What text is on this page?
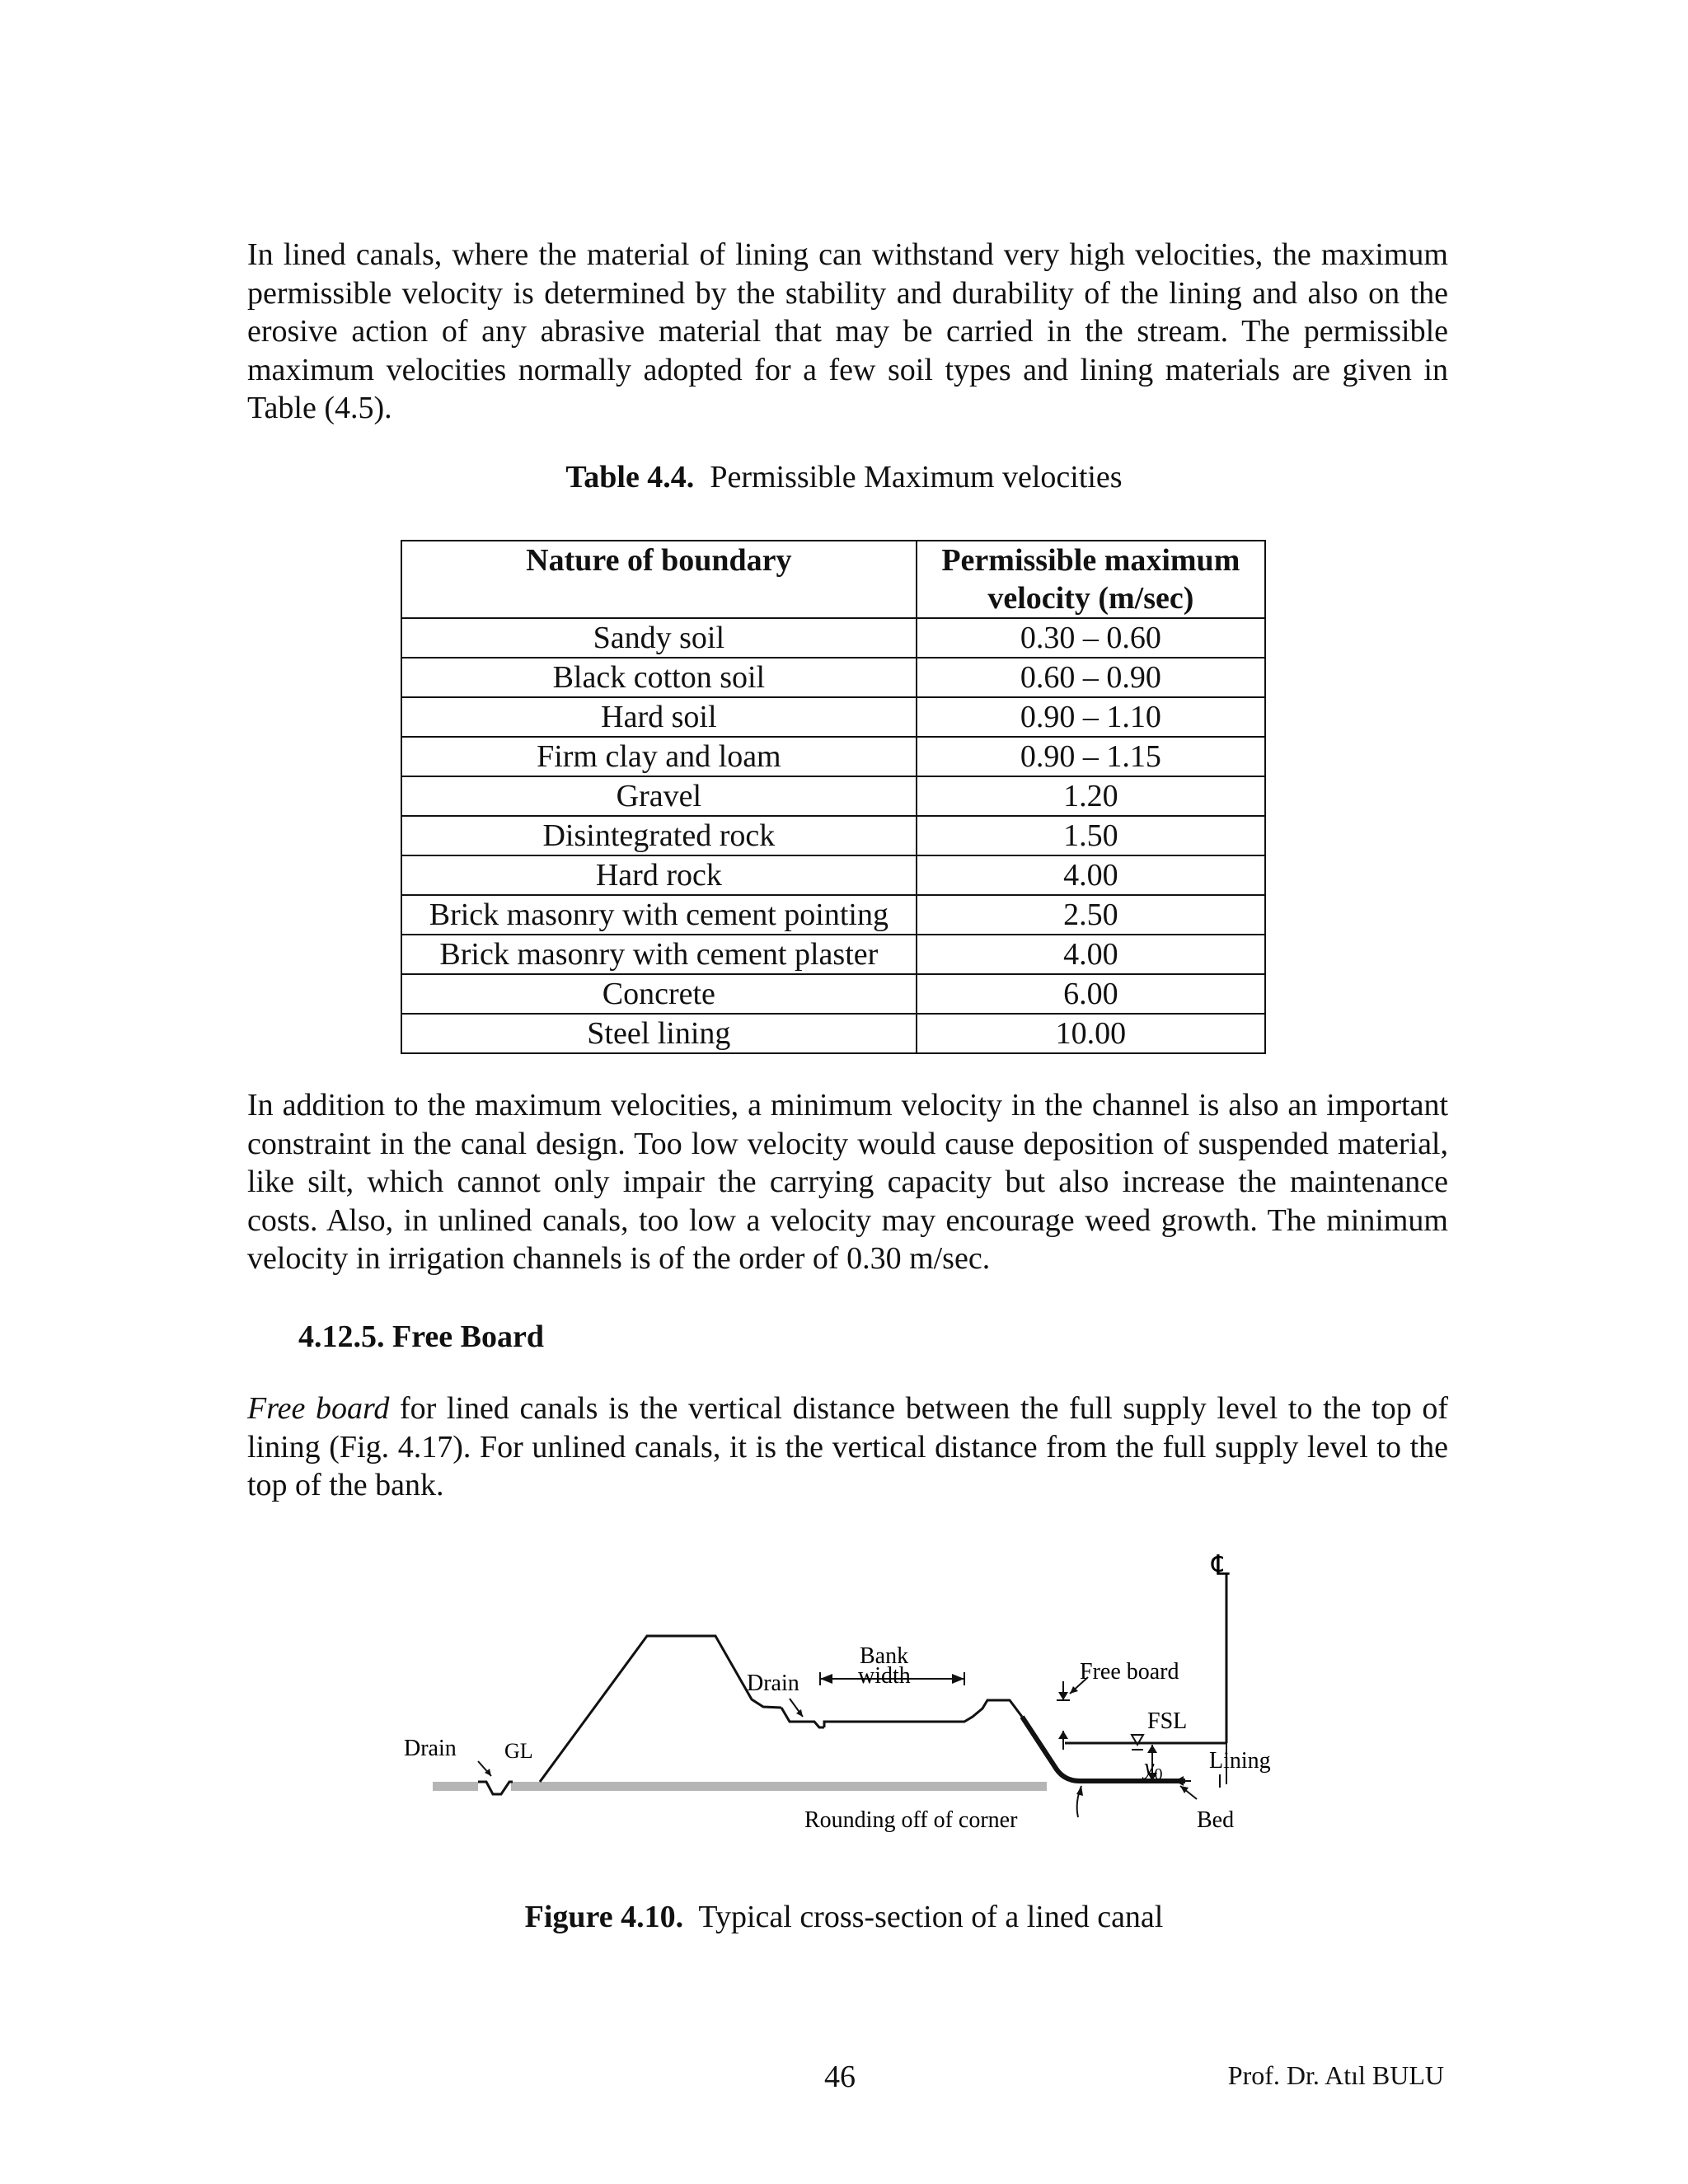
In lined canals, where the material of lining can withstand very high velocities, the maximum permissible velocity is determined by the stability and durability of the lining and also on the erosive action of any abrasive material that may be carried in the stream. The permissible maximum velocities normally adopted for a few soil types and lining materials are given in Table (4.5).

Table 4.4. Permissible Maximum velocities
Nature of boundary	Permissible maximum velocity (m/sec)
Sandy soil	0.30 – 0.60
Black cotton soil	0.60 – 0.90
Hard soil	0.90 – 1.10
Firm clay and loam	0.90 – 1.15
Gravel	1.20
Disintegrated rock	1.50
Hard rock	4.00
Brick masonry with cement pointing	2.50
Brick masonry with cement plaster	4.00
Concrete	6.00
Steel lining	10.00

In addition to the maximum velocities, a minimum velocity in the channel is also an important constraint in the canal design. Too low velocity would cause deposition of suspended material, like silt, which cannot only impair the carrying capacity but also increase the maintenance costs. Also, in unlined canals, too low a velocity may encourage weed growth. The minimum velocity in irrigation channels is of the order of 0.30 m/sec.

4.12.5. Free Board

Free board for lined canals is the vertical distance between the full supply level to the top of lining (Fig. 4.17). For unlined canals, it is the vertical distance from the full supply level to the top of the bank.

℄
Drain GL
Drain
Bank
width	Free board
FSL
$y_0$
Lining
Rounding off of corner	Bed
Figure 4.10. Typical cross-section of a lined canal
46	Prof. Dr. Atıl BULU
